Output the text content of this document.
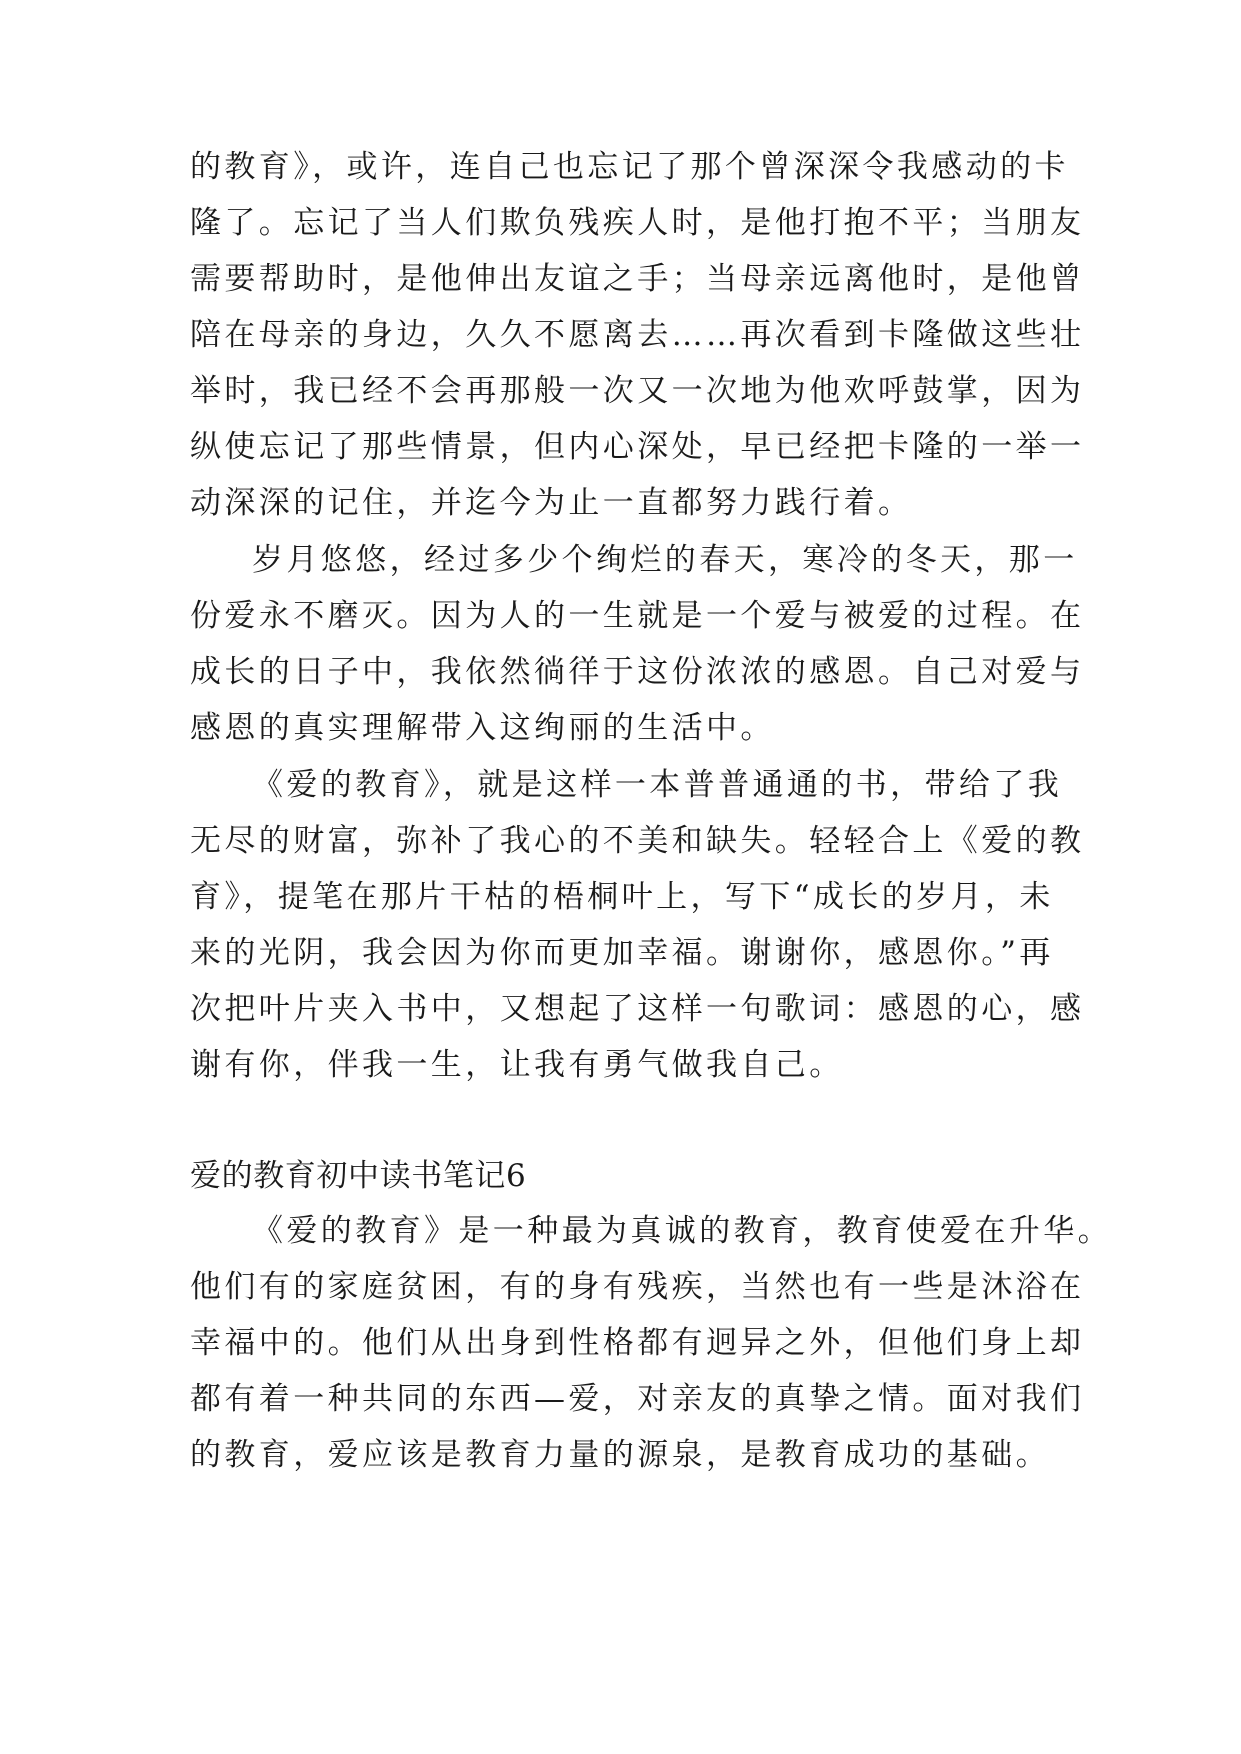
的教育》，或许，连自己也忘记了那个曾深深令我感动的卡
隆了。忘记了当人们欺负残疾人时，是他打抱不平；当朋友
需要帮助时，是他伸出友谊之手；当母亲远离他时，是他曾
陪在母亲的身边，久久不愿离去……再次看到卡隆做这些壮
举时，我已经不会再那般一次又一次地为他欢呼鼓掌，因为
纵使忘记了那些情景，但内心深处，早已经把卡隆的一举一
动深深的记住，并迄今为止一直都努力践行着。
岁月悠悠，经过多少个绚烂的春天，寒冷的冬天，那一
份爱永不磨灭。因为人的一生就是一个爱与被爱的过程。在
成长的日子中，我依然徜徉于这份浓浓的感恩。自己对爱与
感恩的真实理解带入这绚丽的生活中。
《爱的教育》，就是这样一本普普通通的书，带给了我
无尽的财富，弥补了我心的不美和缺失。轻轻合上《爱的教
育》，提笔在那片干枯的梧桐叶上，写下“成长的岁月，未
来的光阴，我会因为你而更加幸福。谢谢你，感恩你。”再
次把叶片夹入书中，又想起了这样一句歌词：感恩的心，感
谢有你，伴我一生，让我有勇气做我自己。
爱的教育初中读书笔记6
《爱的教育》是一种最为真诚的教育，教育使爱在升华。
他们有的家庭贫困，有的身有残疾，当然也有一些是沐浴在
幸福中的。他们从出身到性格都有迥异之外，但他们身上却
都有着一种共同的东西—爱，对亲友的真挚之情。面对我们
的教育，爱应该是教育力量的源泉，是教育成功的基础。
